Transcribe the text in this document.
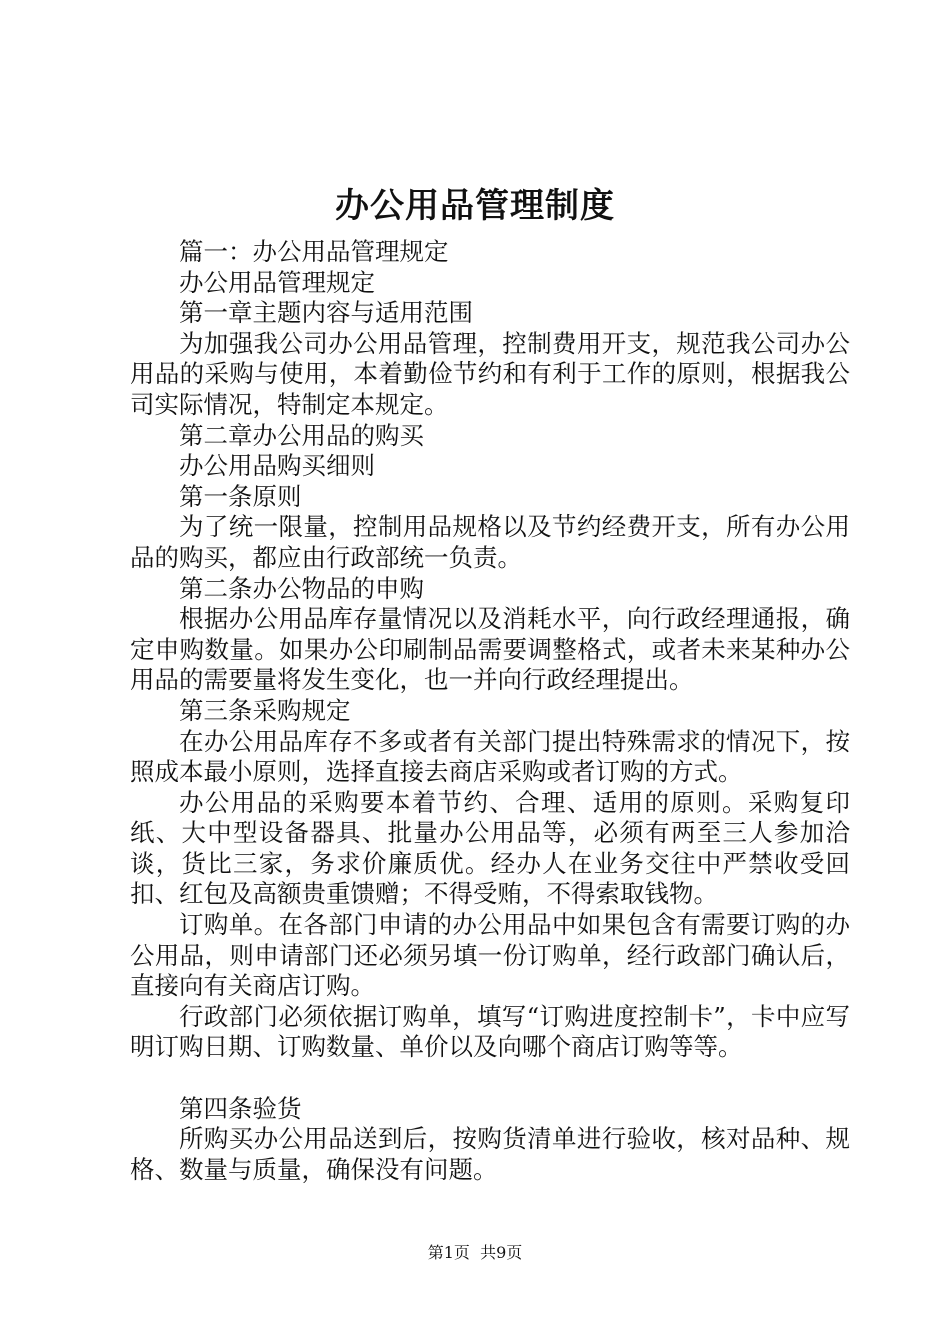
办公用品管理制度

篇一：办公用品管理规定

办公用品管理规定

第一章主题内容与适用范围

为加强我公司办公用品管理，控制费用开支，规范我公司办公用品的采购与使用，本着勤俭节约和有利于工作的原则，根据我公司实际情况，特制定本规定。

第二章办公用品的购买

办公用品购买细则

第一条原则

为了统一限量，控制用品规格以及节约经费开支，所有办公用品的购买，都应由行政部统一负责。

第二条办公物品的申购

根据办公用品库存量情况以及消耗水平，向行政经理通报，确定申购数量。如果办公印刷制品需要调整格式，或者未来某种办公用品的需要量将发生变化，也一并向行政经理提出。

第三条采购规定

在办公用品库存不多或者有关部门提出特殊需求的情况下，按照成本最小原则，选择直接去商店采购或者订购的方式。

办公用品的采购要本着节约、合理、适用的原则。采购复印纸、大中型设备器具、批量办公用品等，必须有两至三人参加洽谈，货比三家，务求价廉质优。经办人在业务交往中严禁收受回扣、红包及高额贵重馈赠；不得受贿，不得索取钱物。

订购单。在各部门申请的办公用品中如果包含有需要订购的办公用品，则申请部门还必须另填一份订购单，经行政部门确认后，直接向有关商店订购。

行政部门必须依据订购单，填写“订购进度控制卡”，卡中应写明订购日期、订购数量、单价以及向哪个商店订购等等。

第四条验货

所购买办公用品送到后，按购货清单进行验收，核对品种、规格、数量与质量，确保没有问题。

第1页 共9页
